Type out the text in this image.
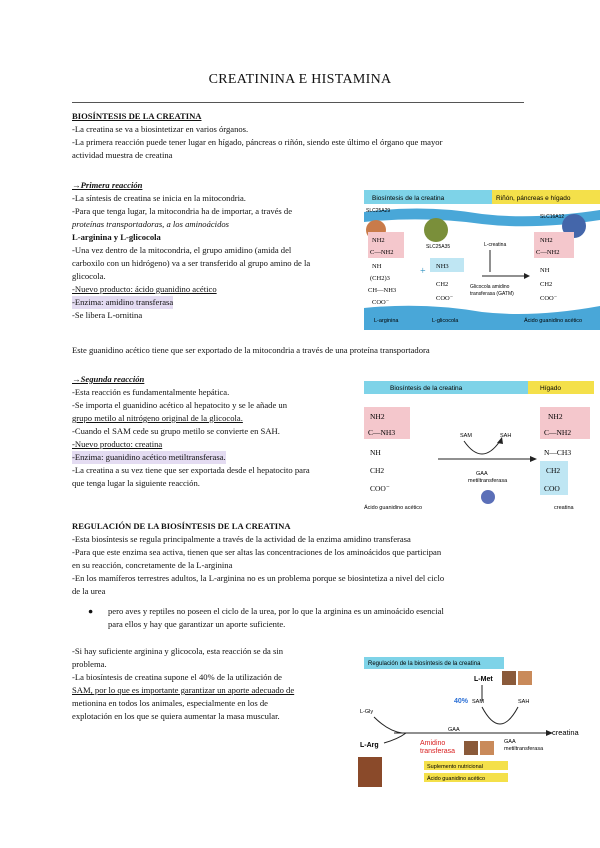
CREATININA E HISTAMINA
BIOSÍNTESIS DE LA CREATINA
-La creatina se va a biosintetizar en varios órganos.
-La primera reacción puede tener lugar en hígado, páncreas o riñón, siendo este último el órgano que mayor
actividad muestra de creatina
→Primera reacción
-La síntesis de creatina se inicia en la mitocondria.
-Para que tenga lugar, la mitocondria ha de importar, a través de
proteínas transportadoras, a los aminoácidos
L-arginina y L-glicocola
-Una vez dentro de la mitocondria, el grupo amidino (amida del
carboxilo con un hidrógeno) va a ser transferido al grupo amino de la
glicocola.
-Nuevo producto: ácido guanidino acético
-Enzima: amidino transferasa
-Se libera L-ornitina
Biosíntesis de la creatina	Riñón, páncreas e hígado
SLC25A29
SLC25A35
SLC16A12
NH2
C—NH2
NH
(CH2)3
CH—NH3
COO⁻
L-arginina
+ NH3
CH2
COO⁻
L-glicocola
L-creatina
Glicocola amidino
transferasa (GATM)
NH2
C—NH2
NH
CH2
COO⁻
Ácido guanidino acético
Este guanidino acético tiene que ser exportado de la mitocondria a través de una proteína transportadora
→Segunda reacción
-Esta reacción es fundamentalmente hepática.
-Se importa el guanidino acético al hepatocito y se le añade un
grupo metilo al nitrógeno original de la glicocola.
-Cuando el SAM cede su grupo metilo se convierte en SAH.
-Nuevo producto: creatina
-Enzima: guanidino acético metiltransferasa.
-La creatina a su vez tiene que ser exportada desde el hepatocito para
que tenga lugar la siguiente reacción.
Biosíntesis de la creatina	Hígado
NH2
C—NH3
NH
CH2
COO⁻
Ácido guanidino acético
SAM	SAH
GAA
metiltransferasa
NH2
C—NH2
N—CH3
CH2
COO
creatina
REGULACIÓN DE LA BIOSÍNTESIS DE LA CREATINA
-Esta biosíntesis se regula principalmente a través de la actividad de la enzima amidino transferasa
-Para que este enzima sea activa, tienen que ser altas las concentraciones de los aminoácidos que participan
en su reacción, concretamente de la L-arginina
-En los mamíferos terrestres adultos, la L-arginina no es un problema porque se biosintetiza a nivel del ciclo
de la urea
● pero aves y reptiles no poseen el ciclo de la urea, por lo que la arginina es un aminoácido esencial
para ellos y hay que garantizar un aporte suficiente.
-Si hay suficiente arginina y glicocola, esta reacción se da sin
problema.
-La biosíntesis de creatina supone el 40% de la utilización de
SAM, por lo que es importante garantizar un aporte adecuado de
metionina en todos los animales, especialmente en los de
explotación en los que se quiera aumentar la masa muscular.
Regulación de la biosíntesis de la creatina
L-Met
40% SAM	SAH
L-Gly
GAA	creatina
L-Arg	Amidino
transferasa
GAA
metiltransferasa
Suplemento nutricional
Ácido guanidino acético
